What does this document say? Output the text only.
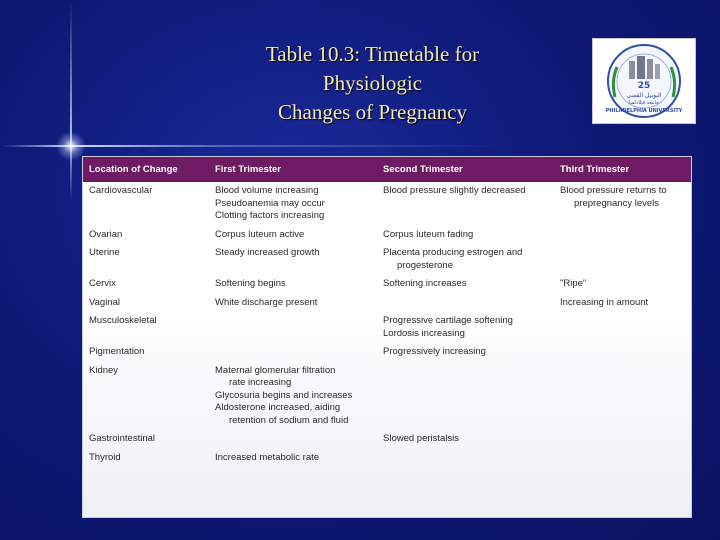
Table 10.3: Timetable for
Physiologic
Changes of Pregnancy
25
اليوبيل الفضي
جامعة فيلادلفيا
PHILADELPHIA UNIVERSITY
Location of Change	First Trimester	Second Trimester	Third Trimester
Cardiovascular	Blood volume increasing
Pseudoanemia may occur
Clotting factors increasing	Blood pressure slightly decreased	Blood pressure returns to
prepregnancy levels

Ovarian	Corpus luteum active	Corpus luteum fading	

Uterine	Steady increased growth	Placenta producing estrogen and
progesterone	

Cervix	Softening begins	Softening increases	"Ripe"

Vaginal	White discharge present		Increasing in amount

Musculoskeletal		Progressive cartilage softening
Lordosis increasing	

Pigmentation		Progressively increasing	

Kidney	Maternal glomerular filtration
rate increasing
Glycosuria begins and increases
Aldosterone increased, aiding
retention of sodium and fluid		

Gastrointestinal		Slowed peristalsis	

Thyroid	Increased metabolic rate		
